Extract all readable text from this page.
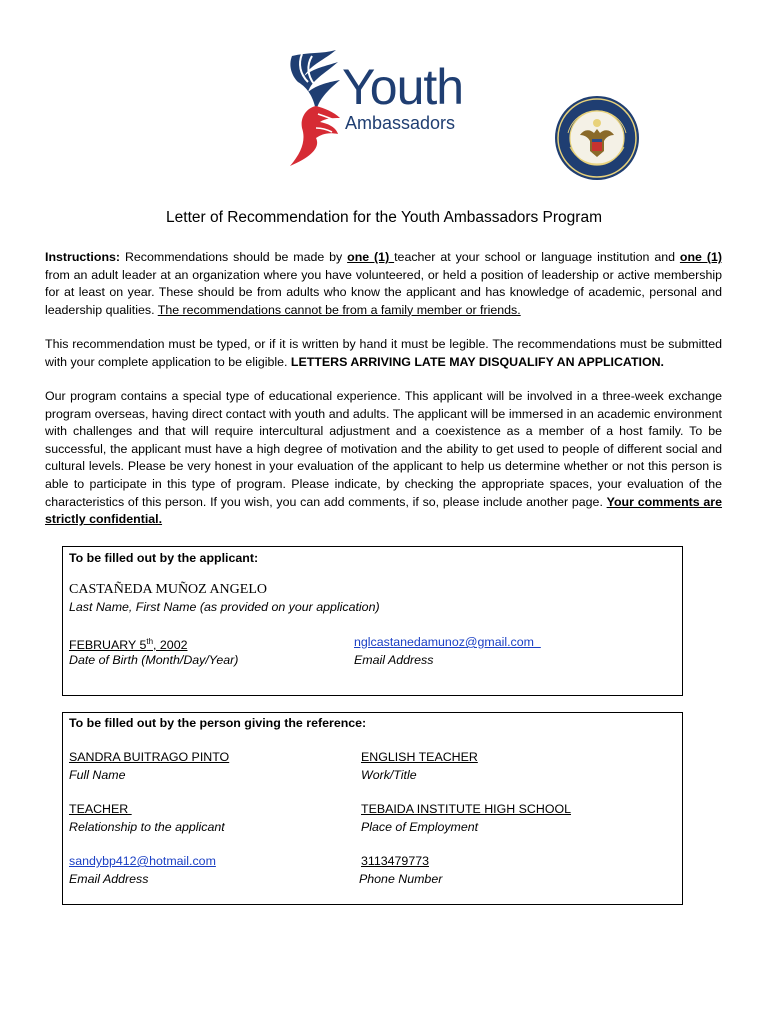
Youth
Ambassadors
Letter of Recommendation for the Youth Ambassadors Program
Instructions: Recommendations should be made by one (1) teacher at your school or language institution and one (1) from an adult leader at an organization where you have volunteered, or held a position of leadership or active membership for at least on year. These should be from adults who know the applicant and has knowledge of academic, personal and leadership qualities. The recommendations cannot be from a family member or friends.
This recommendation must be typed, or if it is written by hand it must be legible. The recommendations must be submitted with your complete application to be eligible. LETTERS ARRIVING LATE MAY DISQUALIFY AN APPLICATION.
Our program contains a special type of educational experience. This applicant will be involved in a three-week exchange program overseas, having direct contact with youth and adults. The applicant will be immersed in an academic environment with challenges and that will require intercultural adjustment and a coexistence as a member of a host family. To be successful, the applicant must have a high degree of motivation and the ability to get used to people of different social and cultural levels. Please be very honest in your evaluation of the applicant to help us determine whether or not this person is able to participate in this type of program. Please indicate, by checking the appropriate spaces, your evaluation of the characteristics of this person. If you wish, you can add comments, if so, please include another page. Your comments are strictly confidential.
To be filled out by the applicant:
CASTAÑEDA MUÑOZ ANGELO
Last Name, First Name (as provided on your application)
FEBRUARY 5th, 2002
Date of Birth (Month/Day/Year)
nglcastanedamunoz@gmail.com
Email Address
To be filled out by the person giving the reference:
SANDRA BUITRAGO PINTO
Full Name
ENGLISH TEACHER
Work/Title
TEACHER
Relationship to the applicant
TEBAIDA INSTITUTE HIGH SCHOOL
Place of Employment
sandybp412@hotmail.com
Email Address
3113479773
Phone Number
